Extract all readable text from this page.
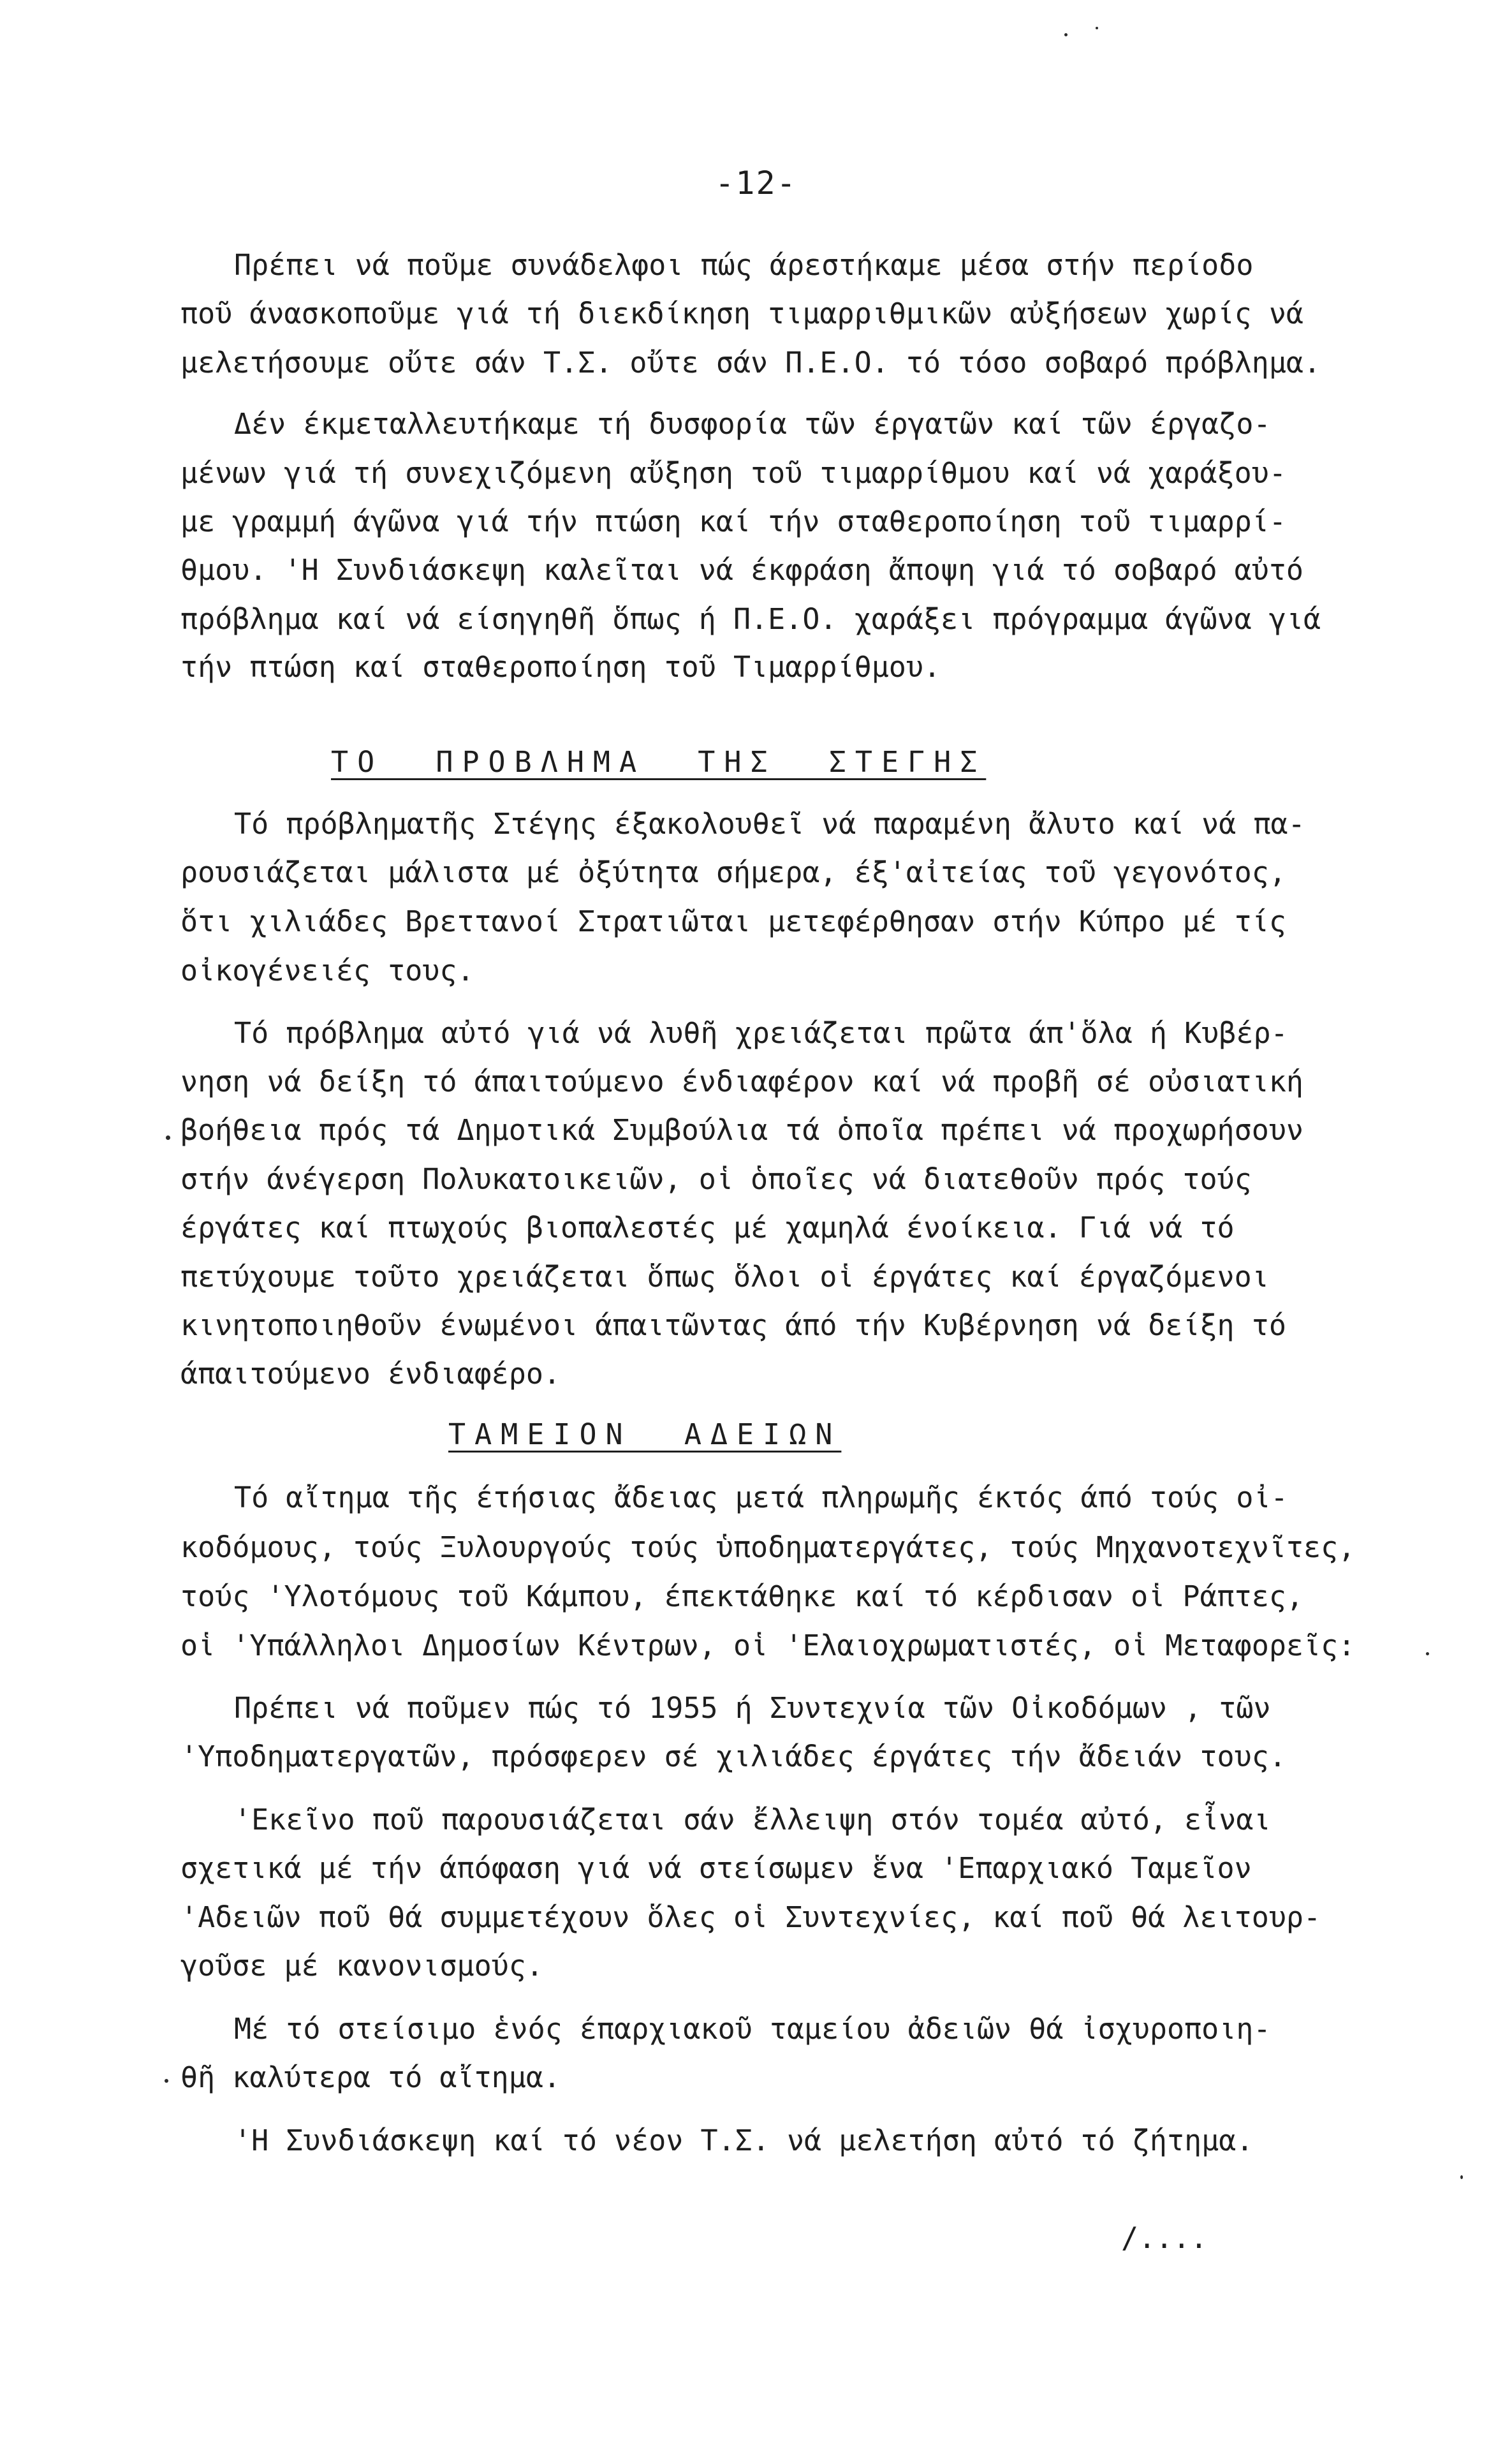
-12-
Πρέπει νά ποῦμε συνάδελφοι πώς άρεστήκαμε μέσα στήν περίοδο
ποῦ άνασκοποῦμε γιά τή διεκδίκηση τιμαρριθμικῶν αὐξήσεων χωρίς νά
μελετήσουμε οὔτε σάν Τ.Σ. οὔτε σάν Π.Ε.Ο. τό τόσο σοβαρό πρόβλημα.
Δέν έκμεταλλευτήκαμε τή δυσφορία τῶν έργατῶν καί τῶν έργαζο-
μένων γιά τή συνεχιζόμενη αὔξηση τοῦ τιμαρρίθμου καί νά χαράξου-
με γραμμή άγῶνα γιά τήν πτώση καί τήν σταθεροποίηση τοῦ τιμαρρί-
θμου. 'Η Συνδιάσκεψη καλεῖται νά έκφράση ἄποψη γιά τό σοβαρό αὐτό
πρόβλημα καί νά είσηγηθῆ ὅπως ή Π.Ε.Ο. χαράξει πρόγραμμα άγῶνα γιά
τήν πτώση καί σταθεροποίηση τοῦ Τιμαρρίθμου.
ΤΟ  ΠΡΟΒΛΗΜΑ  ΤΗΣ  ΣΤΕΓΗΣ
Τό πρόβληματῆς Στέγης έξακολουθεῖ νά παραμένη ἄλυτο καί νά πα-
ρουσιάζεται μάλιστα μέ ὀξύτητα σήμερα, έξ'αἰτείας τοῦ γεγονότος,
ὅτι χιλιάδες Βρεττανοί Στρατιῶται μετεφέρθησαν στήν Κύπρο μέ τίς
οἰκογένειές τους.
Τό πρόβλημα αὐτό γιά νά λυθῆ χρειάζεται πρῶτα άπ'ὅλα ή Κυβέρ-
νηση νά δείξη τό άπαιτούμενο ένδιαφέρον καί νά προβῆ σέ οὐσιατική
βοήθεια πρός τά Δημοτικά Συμβούλια τά ὁποῖα πρέπει νά προχωρήσουν
στήν άνέγερση Πολυκατοικειῶν, οἱ ὁποῖες νά διατεθοῦν πρός τούς
έργάτες καί πτωχούς βιοπαλεστές μέ χαμηλά ένοίκεια. Γιά νά τό
πετύχουμε τοῦτο χρειάζεται ὅπως ὅλοι οἱ έργάτες καί έργαζόμενοι
κινητοποιηθοῦν ένωμένοι άπαιτῶντας άπό τήν Κυβέρνηση νά δείξη τό
άπαιτούμενο ένδιαφέρο.
ΤΑΜΕΙΟΝ  ΑΔΕΙΩΝ
Τό αἴτημα τῆς έτήσιας ἄδειας μετά πληρωμῆς έκτός άπό τούς οἰ-
κοδόμους, τούς Ξυλουργούς τούς ὑποδηματεργάτες, τούς Μηχανοτεχνῖτες,
τούς 'Υλοτόμους τοῦ Κάμπου, έπεκτάθηκε καί τό κέρδισαν οἱ Ράπτες,
οἱ 'Υπάλληλοι Δημοσίων Κέντρων, οἱ 'Ελαιοχρωματιστές, οἱ Μεταφορεῖς:
Πρέπει νά ποῦμεν πώς τό 1955 ή Συντεχνία τῶν Οἰκοδόμων , τῶν
'Υποδηματεργατῶν, πρόσφερεν σέ χιλιάδες έργάτες τήν ἄδειάν τους.
'Εκεῖνο ποῦ παρουσιάζεται σάν ἔλλειψη στόν τομέα αὐτό, εἶναι
σχετικά μέ τήν άπόφαση γιά νά στείσωμεν ἕνα 'Επαρχιακό Ταμεῖον
'Αδειῶν ποῦ θά συμμετέχουν ὅλες οἱ Συντεχνίες, καί ποῦ θά λειτουρ-
γοῦσε μέ κανονισμούς.
Μέ τό στείσιμο ἑνός έπαρχιακοῦ ταμείου ἀδειῶν θά ἰσχυροποιη-
θῆ καλύτερα τό αἴτημα.
'Η Συνδιάσκεψη καί τό νέον Τ.Σ. νά μελετήση αὐτό τό ζήτημα.
/....
